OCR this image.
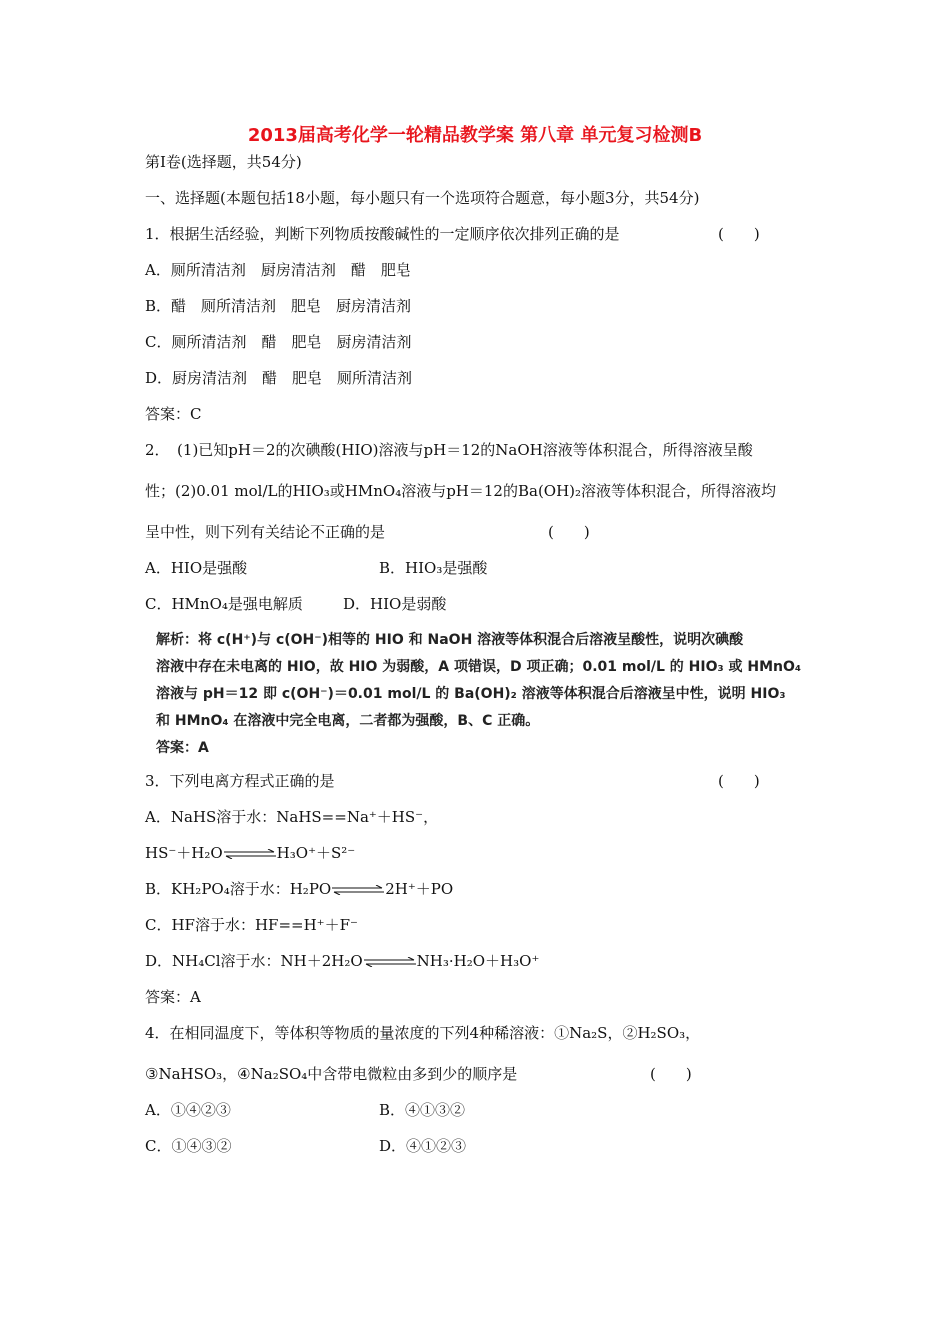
2013届高考化学一轮精品教学案 第八章 单元复习检测B
第Ⅰ卷(选择题，共54分)
一、选择题(本题包括18小题，每小题只有一个选项符合题意，每小题3分，共54分)
1．根据生活经验，判断下列物质按酸碱性的一定顺序依次排列正确的是	(　　)
A．厕所清洁剂　厨房清洁剂　醋　肥皂
B．醋　厕所清洁剂　肥皂　厨房清洁剂
C．厕所清洁剂　醋　肥皂　厨房清洁剂
D．厨房清洁剂　醋　肥皂　厕所清洁剂
答案：C
2．　(1)已知pH＝2的次碘酸(HIO)溶液与pH＝12的NaOH溶液等体积混合，所得溶液呈酸
性；(2)0.01 mol/L的HIO₃或HMnO₄溶液与pH＝12的Ba(OH)₂溶液等体积混合，所得溶液均
呈中性，则下列有关结论不正确的是	(　　)
A．HIO是强酸	B．HIO₃是强酸
C．HMnO₄是强电解质	D．HIO是弱酸
解析：将 c(H⁺)与 c(OH⁻)相等的 HIO 和 NaOH 溶液等体积混合后溶液呈酸性，说明次碘酸
溶液中存在未电离的 HIO，故 HIO 为弱酸，A 项错误，D 项正确；0.01 mol/L 的 HIO₃ 或 HMnO₄
溶液与 pH＝12 即 c(OH⁻)＝0.01 mol/L 的 Ba(OH)₂ 溶液等体积混合后溶液呈中性，说明 HIO₃
和 HMnO₄ 在溶液中完全电离，二者都为强酸，B、C 正确。
答案：A
3．下列电离方程式正确的是	(　　)
A．NaHS溶于水：NaHS==Na⁺＋HS⁻，
HS⁻＋H₂O⇌H₃O⁺＋S²⁻
B．KH₂PO₄溶于水：H₂PO⇌2H⁺＋PO
C．HF溶于水：HF==H⁺＋F⁻
D．NH₄Cl溶于水：NH＋2H₂O⇌NH₃·H₂O＋H₃O⁺
答案：A
4．在相同温度下，等体积等物质的量浓度的下列4种稀溶液：①Na₂S，②H₂SO₃，
③NaHSO₃，④Na₂SO₄中含带电微粒由多到少的顺序是	(　　)
A．①④②③	B．④①③②
C．①④③②	D．④①②③
